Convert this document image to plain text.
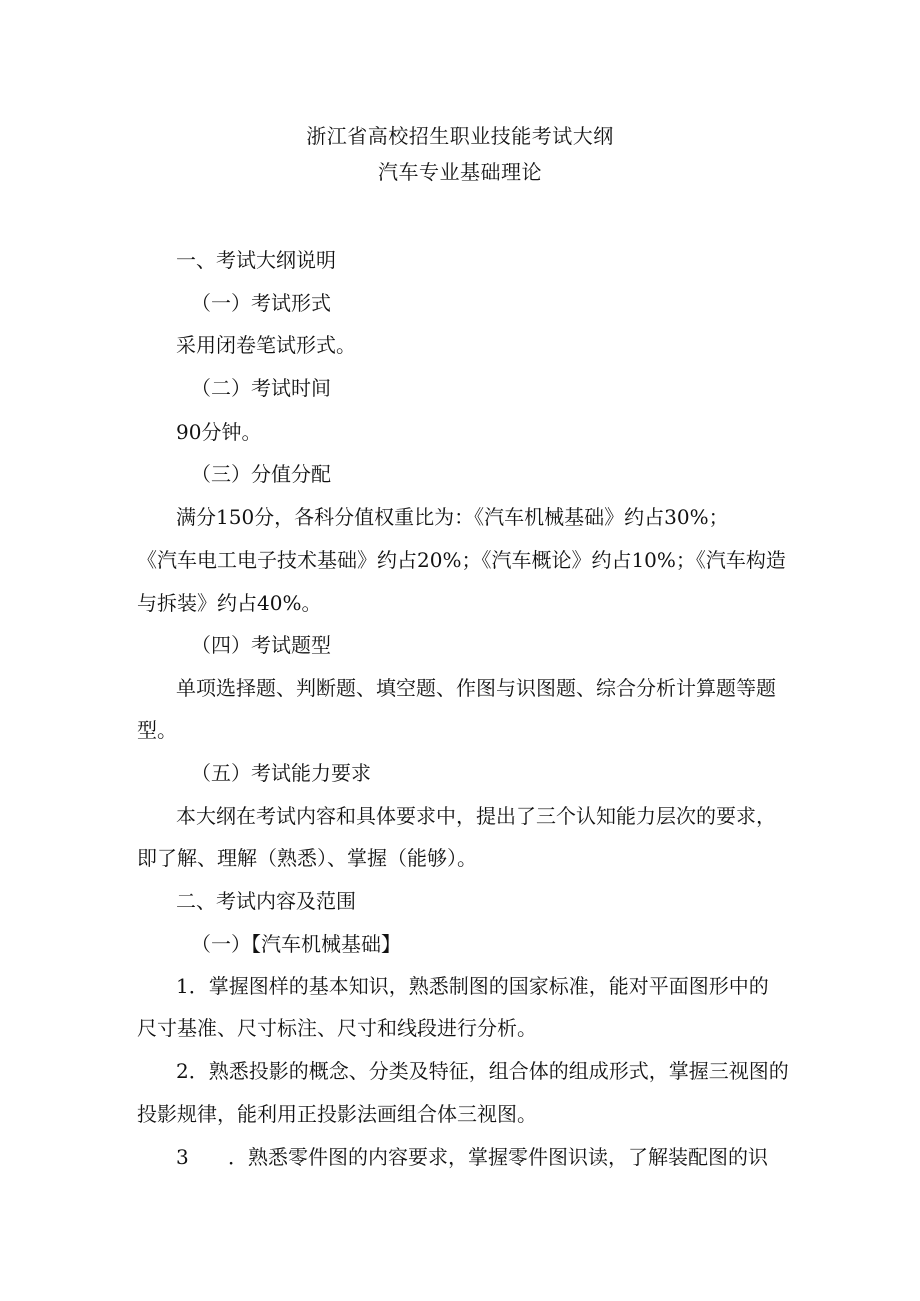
浙江省高校招生职业技能考试大纲
汽车专业基础理论
一、考试大纲说明
（一）考试形式
采用闭卷笔试形式。
（二）考试时间
90分钟。
（三）分值分配
满分150分，各科分值权重比为：《汽车机械基础》约占30%；
《汽车电工电子技术基础》约占20%；《汽车概论》约占10%；《汽车构造
与拆装》约占40%。
（四）考试题型
单项选择题、判断题、填空题、作图与识图题、综合分析计算题等题
型。
（五）考试能力要求
本大纲在考试内容和具体要求中，提出了三个认知能力层次的要求，
即了解、理解（熟悉）、掌握（能够）。
二、考试内容及范围
（一）【汽车机械基础】
1．掌握图样的基本知识，熟悉制图的国家标准，能对平面图形中的
尺寸基准、尺寸标注、尺寸和线段进行分析。
2．熟悉投影的概念、分类及特征，组合体的组成形式，掌握三视图的
投影规律，能利用正投影法画组合体三视图。
3 ．熟悉零件图的内容要求，掌握零件图识读，了解装配图的识
